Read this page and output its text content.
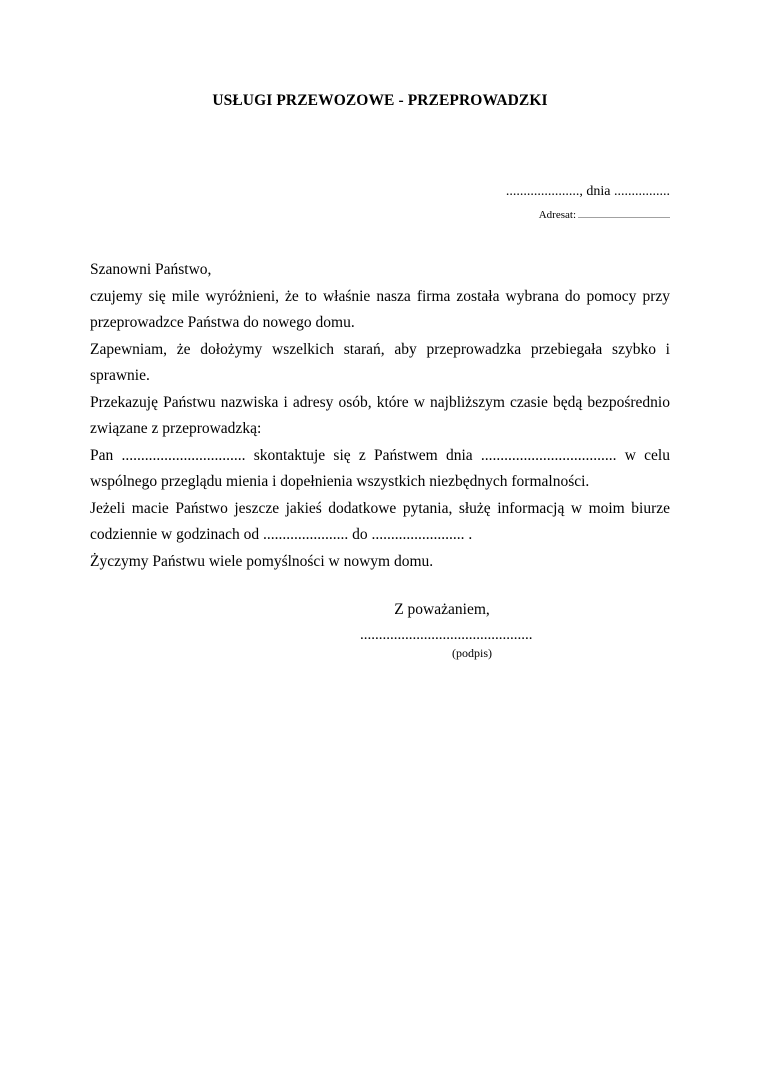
USŁUGI PRZEWOZOWE - PRZEPROWADZKI
....................., dnia ................
Adresat: ..............................................

Szanowni Państwo,

czujemy się mile wyróżnieni, że to właśnie nasza firma została wybrana do pomocy przy przeprowadzce Państwa do nowego domu.

Zapewniam, że dołożymy wszelkich starań, aby przeprowadzka przebiegała szybko i sprawnie.

Przekazuję Państwu nazwiska i adresy osób, które w najbliższym czasie będą bezpośrednio związane z przeprowadzką:

Pan ................................ skontaktuje się z Państwem dnia ................................... w celu wspólnego przeglądu mienia i dopełnienia wszystkich niezbędnych formalności.

Jeżeli macie Państwo jeszcze jakieś dodatkowe pytania, służę informacją w moim biurze codziennie w godzinach od ...................... do ........................ .

Życzymy Państwu wiele pomyślności w nowym domu.

Z poważaniem,
..............................................
(podpis)
